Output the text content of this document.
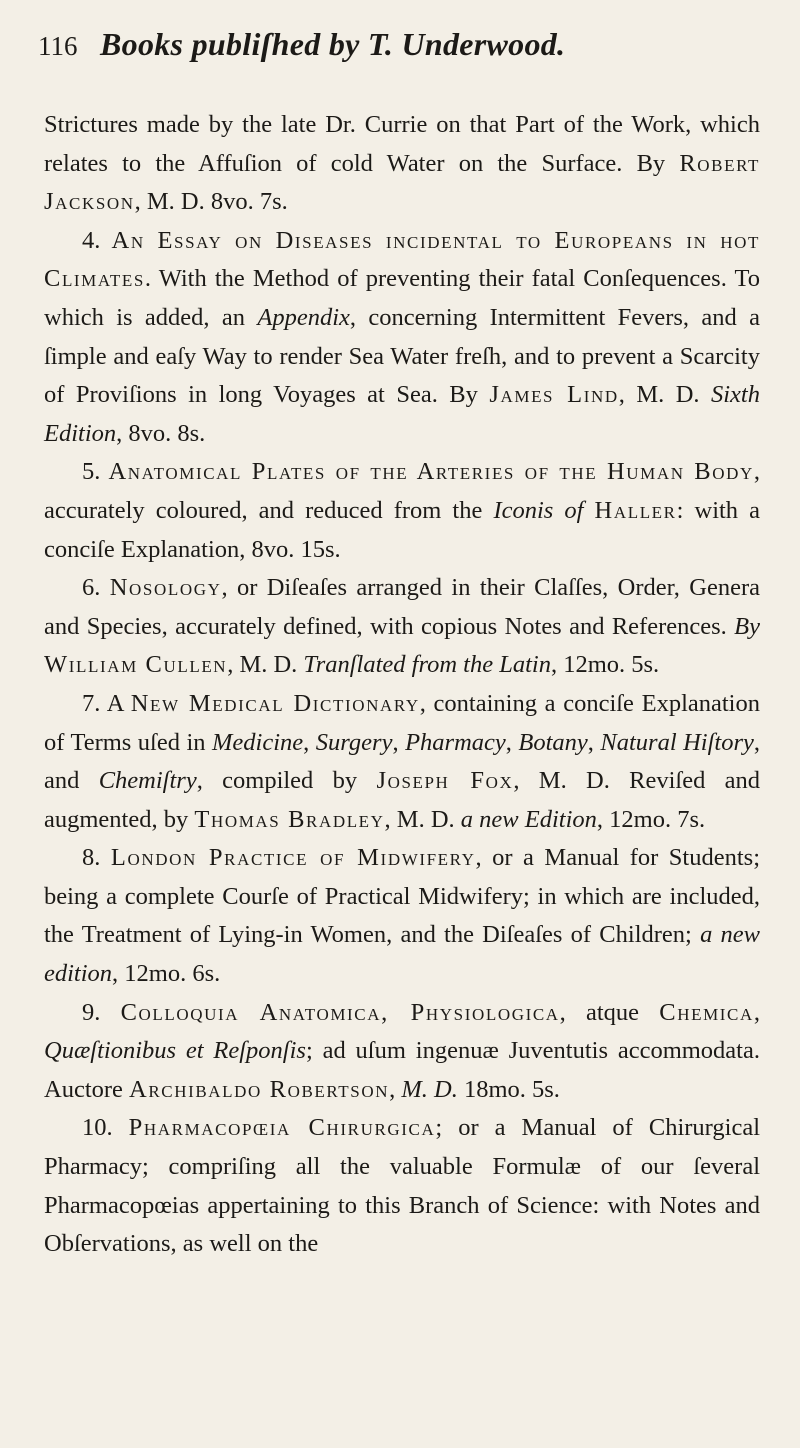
116 Books publiſhed by T. Underwood.

Strictures made by the late Dr. Currie on that Part of the Work, which relates to the Affuſion of cold Water on the Surface. By Robert Jackson, M. D. 8vo. 7s.

4. An Essay on Diseases incidental to Europeans in hot Climates. With the Method of preventing their fatal Conſequences. To which is added, an Appendix, concerning Intermittent Fevers, and a ſimple and eaſy Way to render Sea Water freſh, and to prevent a Scarcity of Proviſions in long Voyages at Sea. By James Lind, M. D. Sixth Edition, 8vo. 8s.

5. Anatomical Plates of the Arteries of the Human Body, accurately coloured, and reduced from the Iconis of Haller: with a conciſe Explanation, 8vo. 15s.

6. Nosology, or Diſeaſes arranged in their Claſſes, Order, Genera and Species, accurately defined, with copious Notes and References. By William Cullen, M. D. Tranſlated from the Latin, 12mo. 5s.

7. A New Medical Dictionary, containing a conciſe Explanation of Terms uſed in Medicine, Surgery, Pharmacy, Botany, Natural Hiſtory, and Chemiſtry, compiled by Joseph Fox, M. D. Reviſed and augmented, by Thomas Bradley, M. D. a new Edition, 12mo. 7s.

8. London Practice of Midwifery, or a Manual for Students; being a complete Courſe of Practical Midwifery; in which are included, the Treatment of Lying-in Women, and the Diſeaſes of Children; a new edition, 12mo. 6s.

9. Colloquia Anatomica, Physiologica, atque Chemica, Quæſtionibus et Reſponſis; ad uſum ingenuæ Juventutis accommodata. Auctore Archibaldo Robertson, M. D. 18mo. 5s.

10. Pharmacopœia Chirurgica; or a Manual of Chirurgical Pharmacy; compriſing all the valuable Formulæ of our ſeveral Pharmacopœias appertaining to this Branch of Science: with Notes and Obſervations, as well on the
